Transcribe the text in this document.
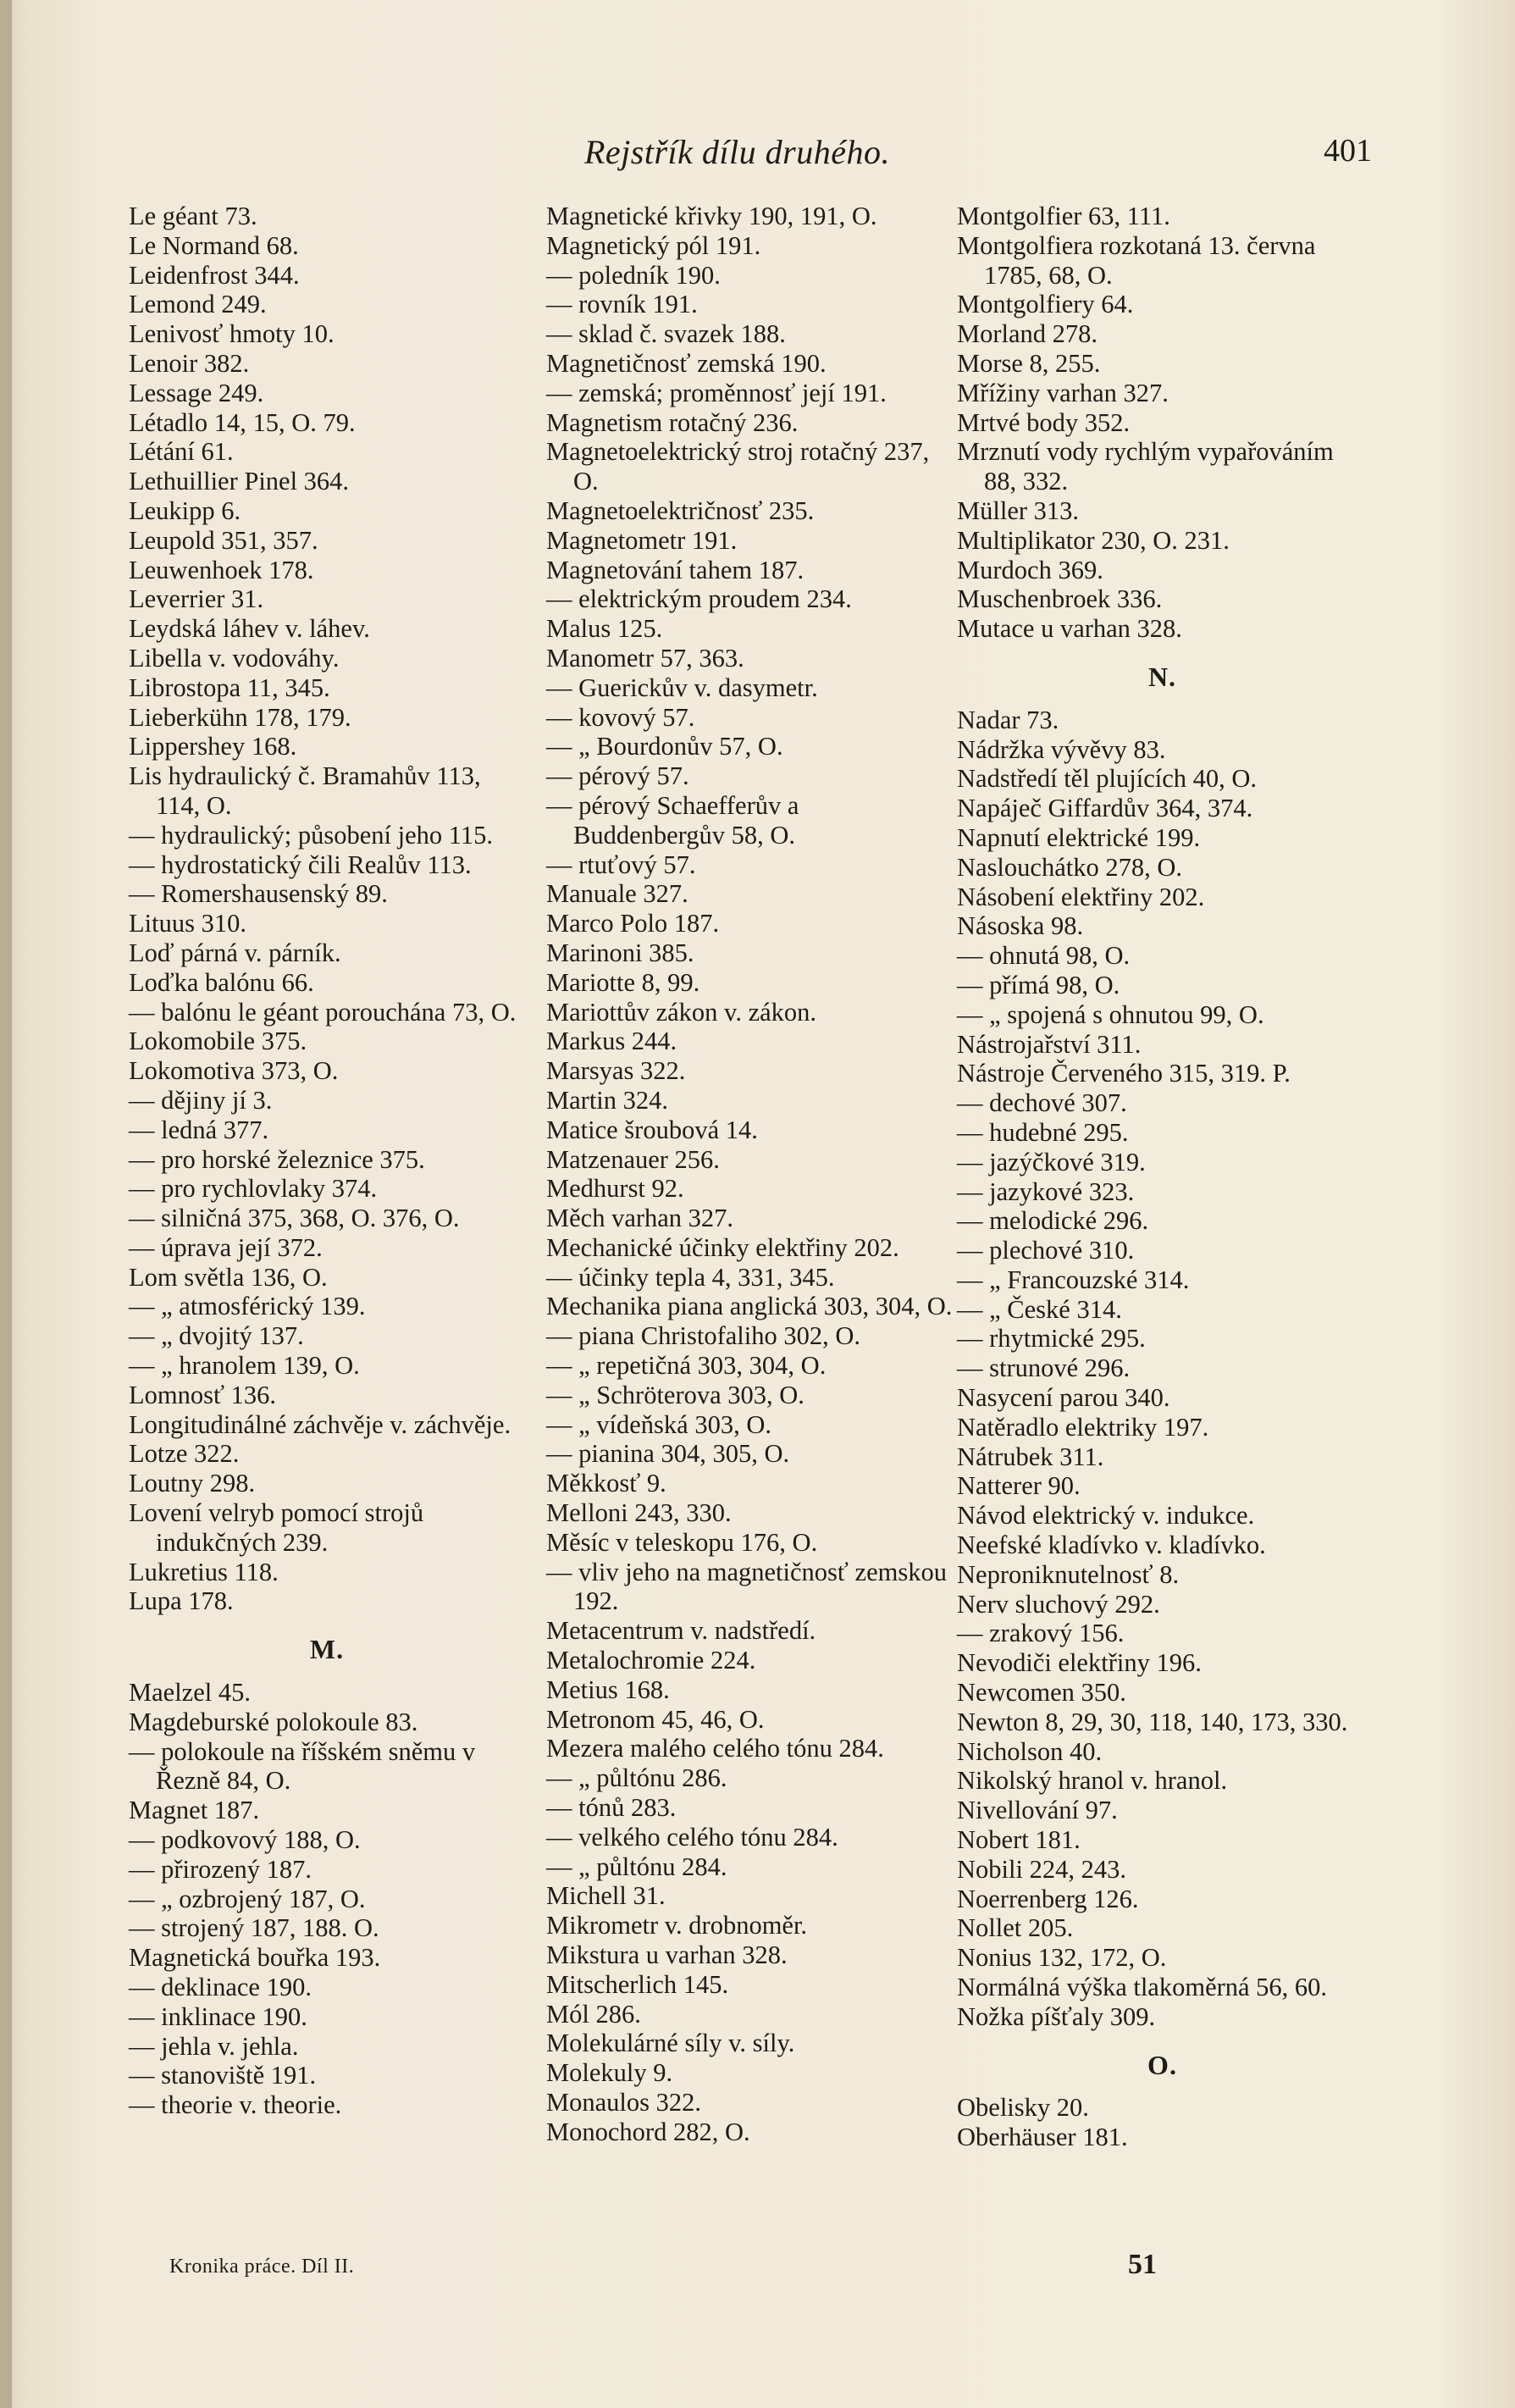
Rejstřík dílu druhého.	401
Le géant 73.
Le Normand 68.
Leidenfrost 344.
Lemond 249.
Lenivosť hmoty 10.
Lenoir 382.
Lessage 249.
Létadlo 14, 15, O. 79.
Létání 61.
Lethuillier Pinel 364.
Leukipp 6.
Leupold 351, 357.
Leuwenhoek 178.
Leverrier 31.
Leydská láhev v. láhev.
Libella v. vodováhy.
Librostopa 11, 345.
Lieberkühn 178, 179.
Lippershey 168.
Lis hydraulický č. Bramahův 113, 114, O.
— hydraulický; působení jeho 115.
— hydrostatický čili Realův 113.
— Romershausenský 89.
Lituus 310.
Loď párná v. párník.
Loďka balónu 66.
— balónu le géant porouchána 73, O.
Lokomobile 375.
Lokomotiva 373, O.
— dějiny jí 3.
— ledná 377.
— pro horské železnice 375.
— pro rychlovlaky 374.
— silničná 375, 368, O. 376, O.
— úprava její 372.
Lom světla 136, O.
— „ atmosférický 139.
— „ dvojitý 137.
— „ hranolem 139, O.
Lomnosť 136.
Longitudinálné záchvěje v. záchvěje.
Lotze 322.
Loutny 298.
Lovení velryb pomocí strojů indukčných 239.
Lukretius 118.
Lupa 178.
M.
Maelzel 45.
Magdeburské polokoule 83.
— polokoule na říšském sněmu v Řezně 84, O.
Magnet 187.
— podkovový 188, O.
— přirozený 187.
— „ ozbrojený 187, O.
— strojený 187, 188. O.
Magnetická bouřka 193.
— deklinace 190.
— inklinace 190.
— jehla v. jehla.
— stanoviště 191.
— theorie v. theorie.
Magnetické křivky 190, 191, O.
Magnetický pól 191.
— poledník 190.
— rovník 191.
— sklad č. svazek 188.
Magnetičnosť zemská 190.
— zemská; proměnnosť její 191.
Magnetism rotačný 236.
Magnetoelektrický stroj rotačný 237, O.
Magnetoelektričnosť 235.
Magnetometr 191.
Magnetování tahem 187.
— elektrickým proudem 234.
Malus 125.
Manometr 57, 363.
— Guerickův v. dasymetr.
— kovový 57.
— „ Bourdonův 57, O.
— pérový 57.
— pérový Schaefferův a Buddenbergův 58, O.
— rtuťový 57.
Manuale 327.
Marco Polo 187.
Marinoni 385.
Mariotte 8, 99.
Mariottův zákon v. zákon.
Markus 244.
Marsyas 322.
Martin 324.
Matice šroubová 14.
Matzenauer 256.
Medhurst 92.
Měch varhan 327.
Mechanické účinky elektřiny 202.
— účinky tepla 4, 331, 345.
Mechanika piana anglická 303, 304, O.
— piana Christofaliho 302, O.
— „ repetičná 303, 304, O.
— „ Schröterova 303, O.
— „ vídeňská 303, O.
— pianina 304, 305, O.
Měkkosť 9.
Melloni 243, 330.
Měsíc v teleskopu 176, O.
— vliv jeho na magnetičnosť zemskou 192.
Metacentrum v. nadstředí.
Metalochromie 224.
Metius 168.
Metronom 45, 46, O.
Mezera malého celého tónu 284.
— „ půltónu 286.
— tónů 283.
— velkého celého tónu 284.
— „ půltónu 284.
Michell 31.
Mikrometr v. drobnoměr.
Mikstura u varhan 328.
Mitscherlich 145.
Mól 286.
Molekulárné síly v. síly.
Molekuly 9.
Monaulos 322.
Monochord 282, O.
Montgolfier 63, 111.
Montgolfiera rozkotaná 13. června 1785, 68, O.
Montgolfiery 64.
Morland 278.
Morse 8, 255.
Mřížiny varhan 327.
Mrtvé body 352.
Mrznutí vody rychlým vypařováním 88, 332.
Müller 313.
Multiplikator 230, O. 231.
Murdoch 369.
Muschenbroek 336.
Mutace u varhan 328.
N.
Nadar 73.
Nádržka vývěvy 83.
Nadstředí těl plujících 40, O.
Napáječ Giffardův 364, 374.
Napnutí elektrické 199.
Naslouchátko 278, O.
Násobení elektřiny 202.
Násoska 98.
— ohnutá 98, O.
— přímá 98, O.
— „ spojená s ohnutou 99, O.
Nástrojařství 311.
Nástroje Červeného 315, 319. P.
— dechové 307.
— hudebné 295.
— jazýčkové 319.
— jazykové 323.
— melodické 296.
— plechové 310.
— „ Francouzské 314.
— „ České 314.
— rhytmické 295.
— strunové 296.
Nasycení parou 340.
Natěradlo elektriky 197.
Nátrubek 311.
Natterer 90.
Návod elektrický v. indukce.
Neefské kladívko v. kladívko.
Neproniknutelnosť 8.
Nerv sluchový 292.
— zrakový 156.
Nevodiči elektřiny 196.
Newcomen 350.
Newton 8, 29, 30, 118, 140, 173, 330.
Nicholson 40.
Nikolský hranol v. hranol.
Nivellování 97.
Nobert 181.
Nobili 224, 243.
Noerrenberg 126.
Nollet 205.
Nonius 132, 172, O.
Normálná výška tlakoměrná 56, 60.
Nožka píšťaly 309.
O.
Obelisky 20.
Oberhäuser 181.
Kronika práce. Díl II.	51
